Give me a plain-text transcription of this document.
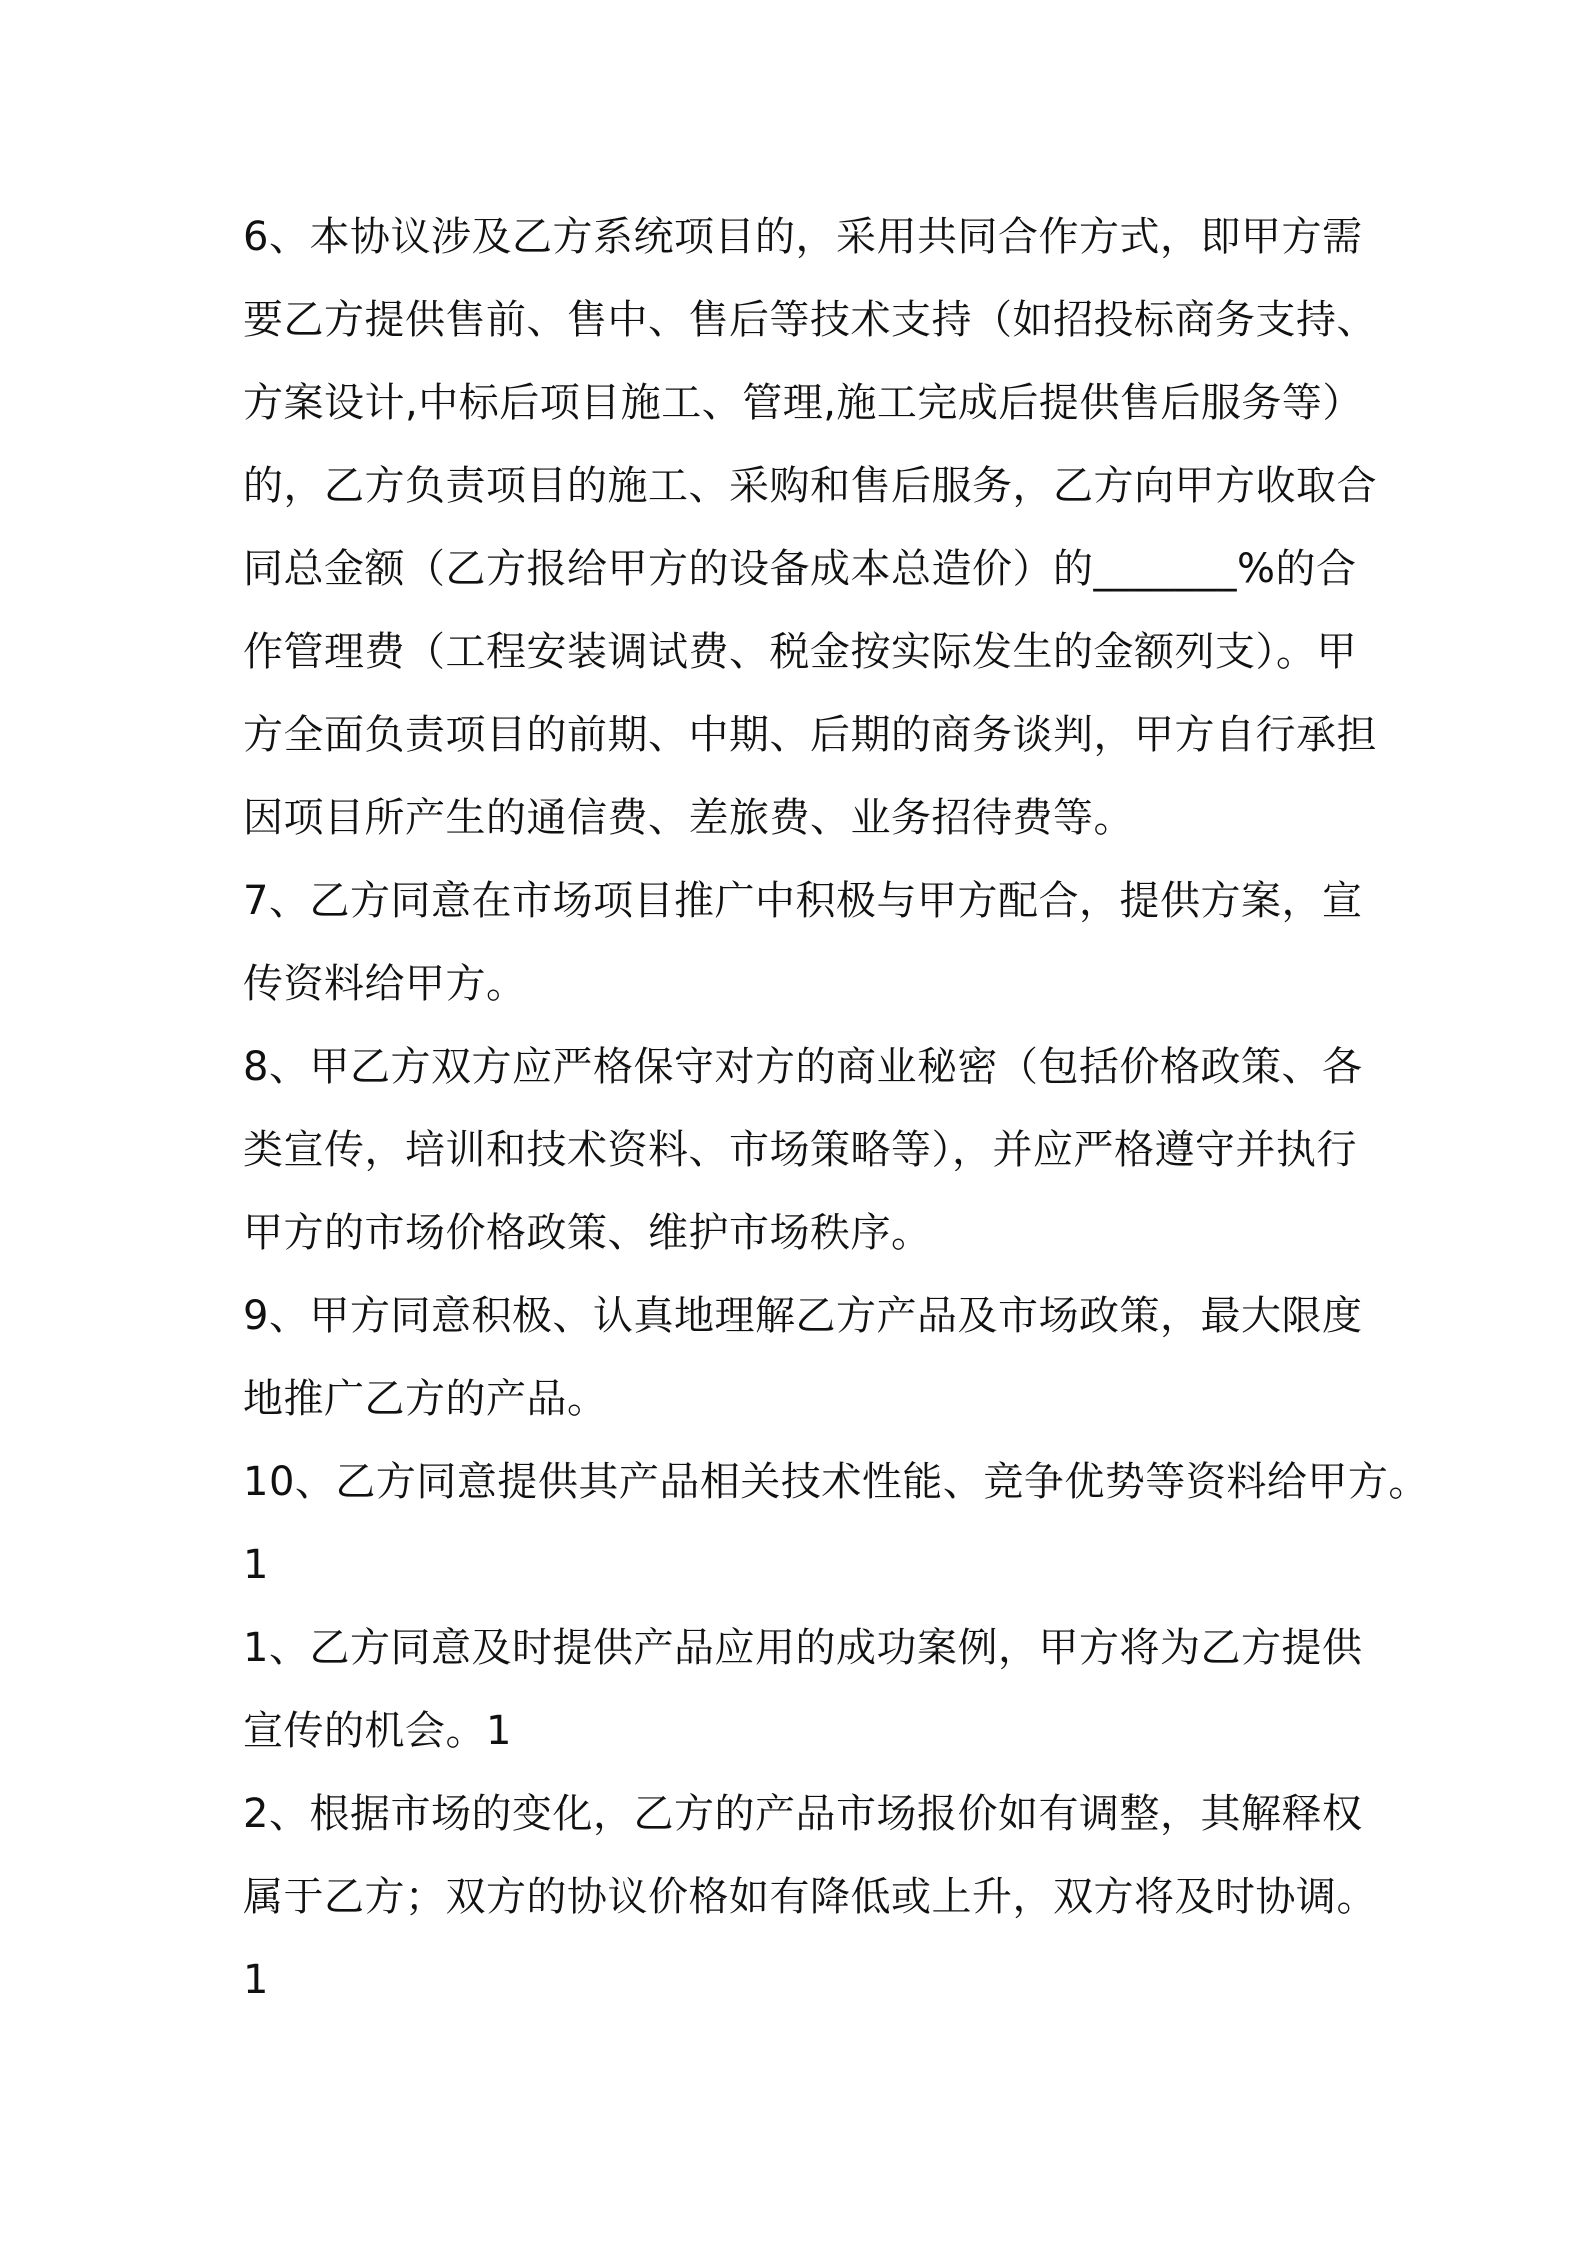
6、本协议涉及乙方系统项目的，采用共同合作方式，即甲方需
要乙方提供售前、售中、售后等技术支持（如招投标商务支持、
方案设计,中标后项目施工、管理,施工完成后提供售后服务等）
的，乙方负责项目的施工、采购和售后服务，乙方向甲方收取合
同总金额（乙方报给甲方的设备成本总造价）的_______%的合
作管理费（工程安装调试费、税金按实际发生的金额列支）。甲
方全面负责项目的前期、中期、后期的商务谈判，甲方自行承担
因项目所产生的通信费、差旅费、业务招待费等。
7、乙方同意在市场项目推广中积极与甲方配合，提供方案，宣
传资料给甲方。
8、甲乙方双方应严格保守对方的商业秘密（包括价格政策、各
类宣传，培训和技术资料、市场策略等），并应严格遵守并执行
甲方的市场价格政策、维护市场秩序。
9、甲方同意积极、认真地理解乙方产品及市场政策，最大限度
地推广乙方的产品。
10、乙方同意提供其产品相关技术性能、竞争优势等资料给甲方。
1
1、乙方同意及时提供产品应用的成功案例，甲方将为乙方提供
宣传的机会。1
2、根据市场的变化，乙方的产品市场报价如有调整，其解释权
属于乙方；双方的协议价格如有降低或上升，双方将及时协调。
1
